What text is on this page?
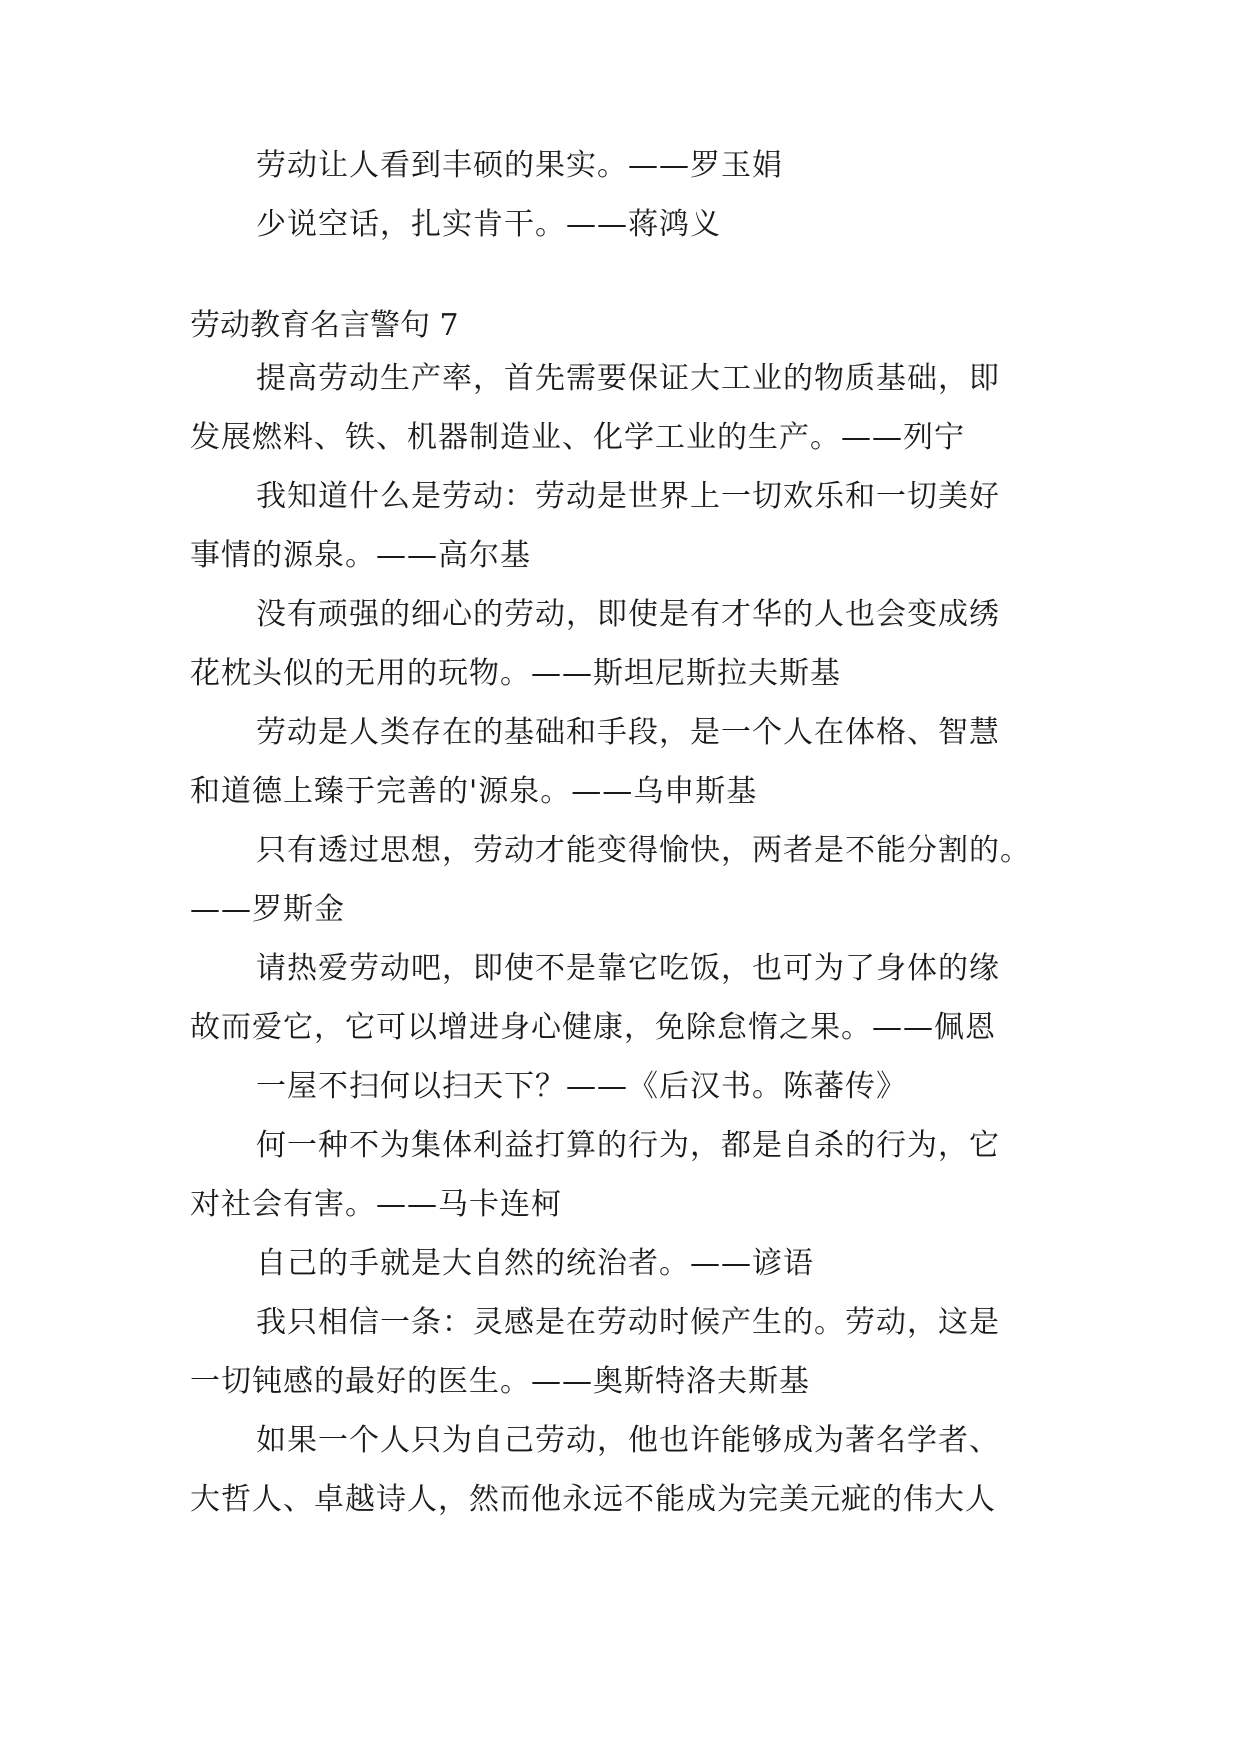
劳动让人看到丰硕的果实。——罗玉娟
少说空话，扎实肯干。——蒋鸿义
劳动教育名言警句 7
提高劳动生产率，首先需要保证大工业的物质基础，即
发展燃料、铁、机器制造业、化学工业的生产。——列宁
我知道什么是劳动：劳动是世界上一切欢乐和一切美好
事情的源泉。——高尔基
没有顽强的细心的劳动，即使是有才华的人也会变成绣
花枕头似的无用的玩物。——斯坦尼斯拉夫斯基
劳动是人类存在的基础和手段，是一个人在体格、智慧
和道德上臻于完善的'源泉。——乌申斯基
只有透过思想，劳动才能变得愉快，两者是不能分割的。
——罗斯金
请热爱劳动吧，即使不是靠它吃饭，也可为了身体的缘
故而爱它，它可以增进身心健康，免除怠惰之果。——佩恩
一屋不扫何以扫天下？——《后汉书。陈蕃传》
何一种不为集体利益打算的行为，都是自杀的行为，它
对社会有害。——马卡连柯
自己的手就是大自然的统治者。——谚语
我只相信一条：灵感是在劳动时候产生的。劳动，这是
一切钝感的最好的医生。——奥斯特洛夫斯基
如果一个人只为自己劳动，他也许能够成为著名学者、
大哲人、卓越诗人，然而他永远不能成为完美元疵的伟大人
